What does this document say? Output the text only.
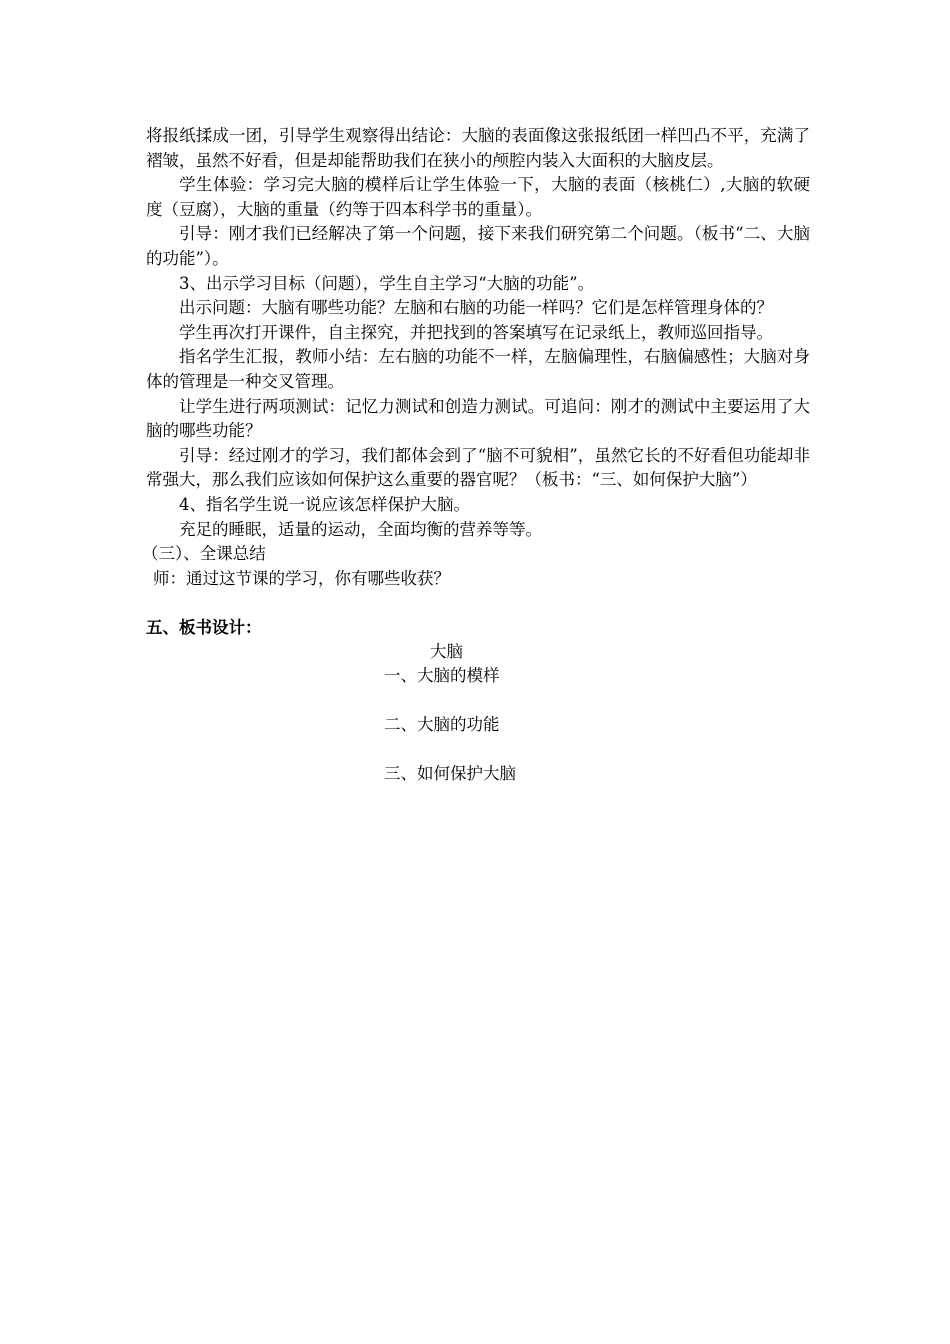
将报纸揉成一团，引导学生观察得出结论：大脑的表面像这张报纸团一样凹凸不平，充满了褶皱，虽然不好看，但是却能帮助我们在狭小的颅腔内装入大面积的大脑皮层。

学生体验：学习完大脑的模样后让学生体验一下，大脑的表面（核桃仁）,大脑的软硬度（豆腐），大脑的重量（约等于四本科学书的重量）。

引导：刚才我们已经解决了第一个问题，接下来我们研究第二个问题。（板书“二、大脑的功能”）。

3、出示学习目标（问题），学生自主学习“大脑的功能”。

出示问题：大脑有哪些功能？左脑和右脑的功能一样吗？它们是怎样管理身体的？

学生再次打开课件，自主探究，并把找到的答案填写在记录纸上，教师巡回指导。

指名学生汇报，教师小结：左右脑的功能不一样，左脑偏理性，右脑偏感性；大脑对身体的管理是一种交叉管理。

让学生进行两项测试：记忆力测试和创造力测试。可追问：刚才的测试中主要运用了大脑的哪些功能？

引导：经过刚才的学习，我们都体会到了“脑不可貌相”，虽然它长的不好看但功能却非常强大，那么我们应该如何保护这么重要的器官呢？（板书：“三、如何保护大脑”）

4、指名学生说一说应该怎样保护大脑。

充足的睡眠，适量的运动，全面均衡的营养等等。

（三）、全课总结

师：通过这节课的学习，你有哪些收获？

五、板书设计：

大脑
一、大脑的模样
二、大脑的功能
三、如何保护大脑
